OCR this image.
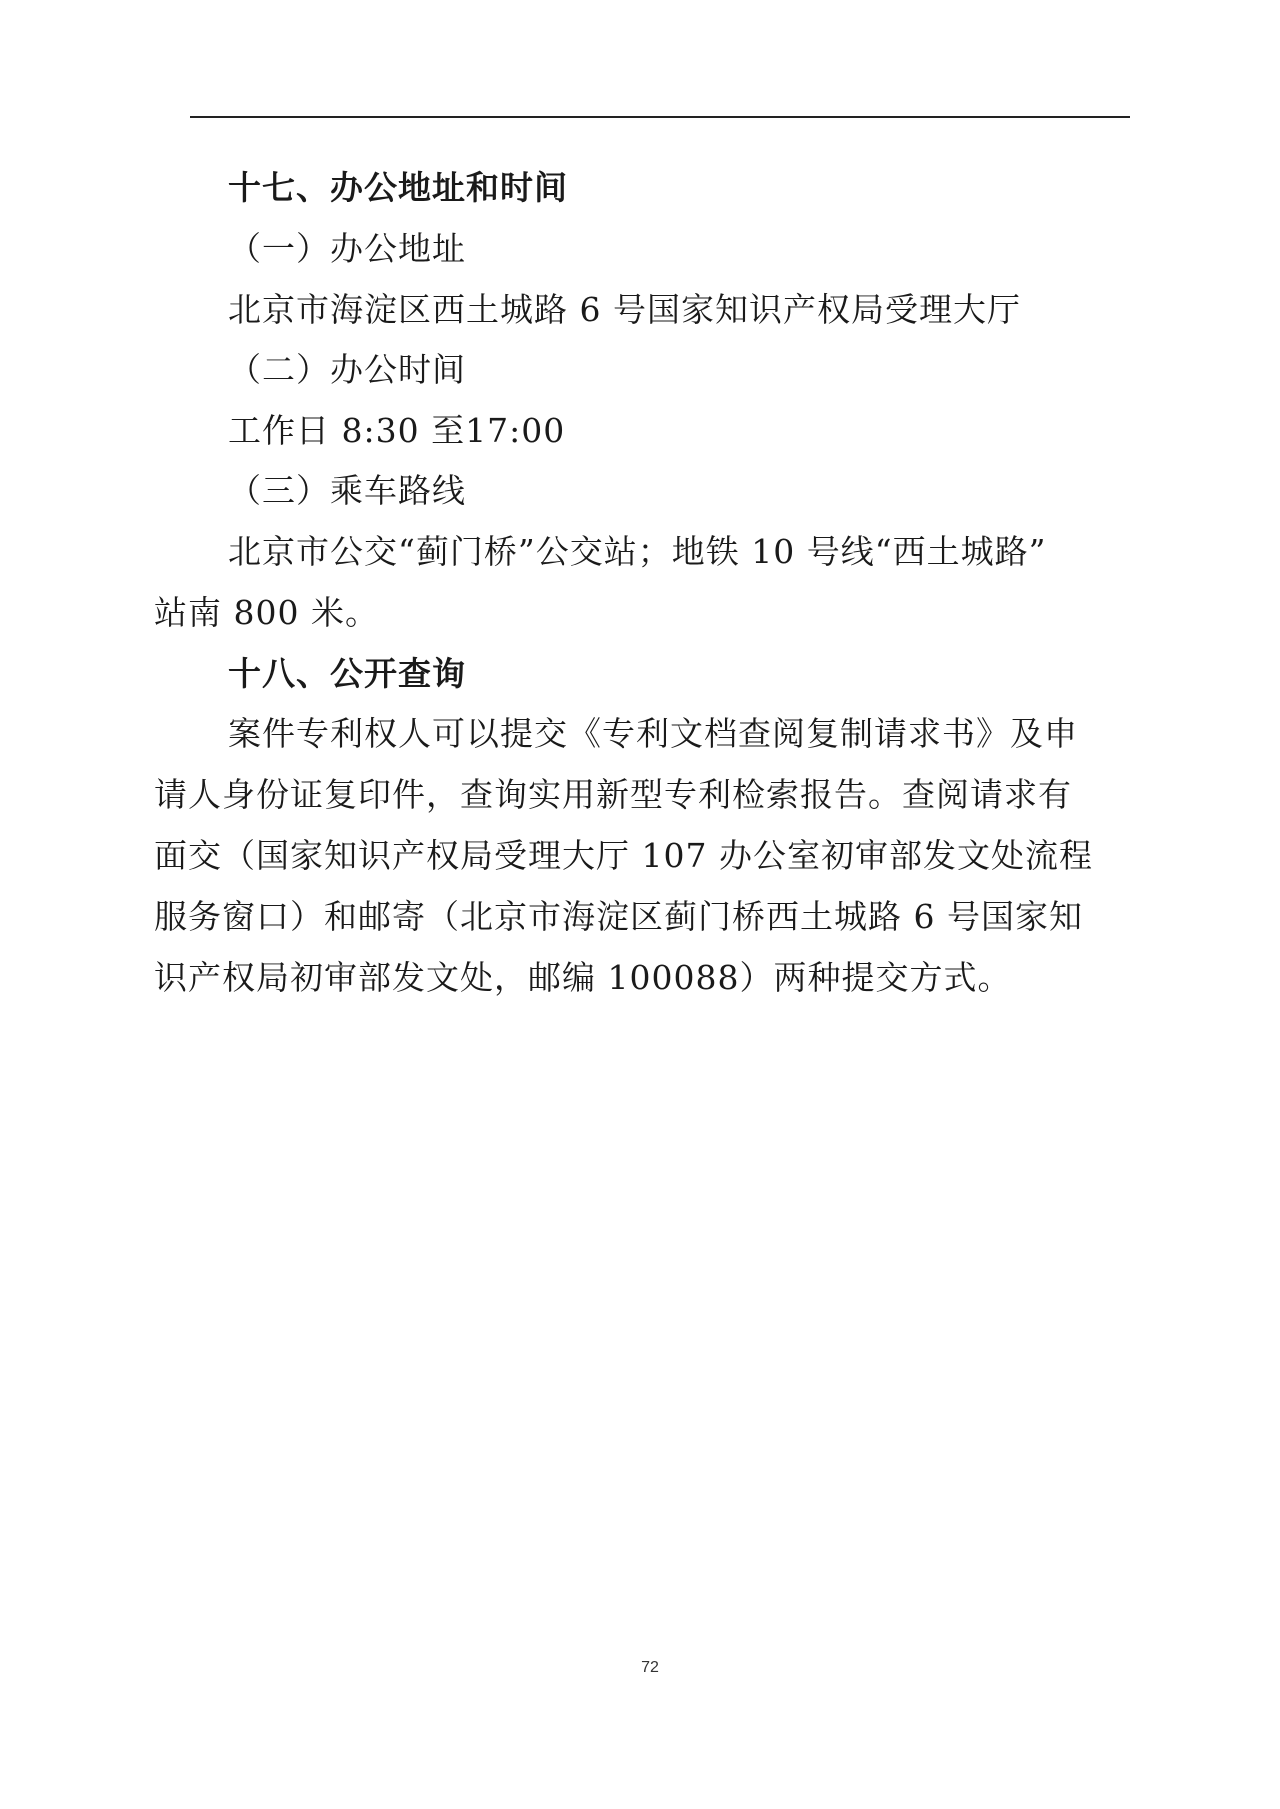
十七、办公地址和时间
（一）办公地址
北京市海淀区西土城路 6 号国家知识产权局受理大厅
（二）办公时间
工作日 8:30 至17:00
（三）乘车路线
北京市公交“蓟门桥”公交站；地铁 10 号线“西土城路”
站南 800 米。
十八、公开查询
案件专利权人可以提交《专利文档查阅复制请求书》及申
请人身份证复印件，查询实用新型专利检索报告。查阅请求有
面交（国家知识产权局受理大厅 107 办公室初审部发文处流程
服务窗口）和邮寄（北京市海淀区蓟门桥西土城路 6 号国家知
识产权局初审部发文处，邮编 100088）两种提交方式。
72
